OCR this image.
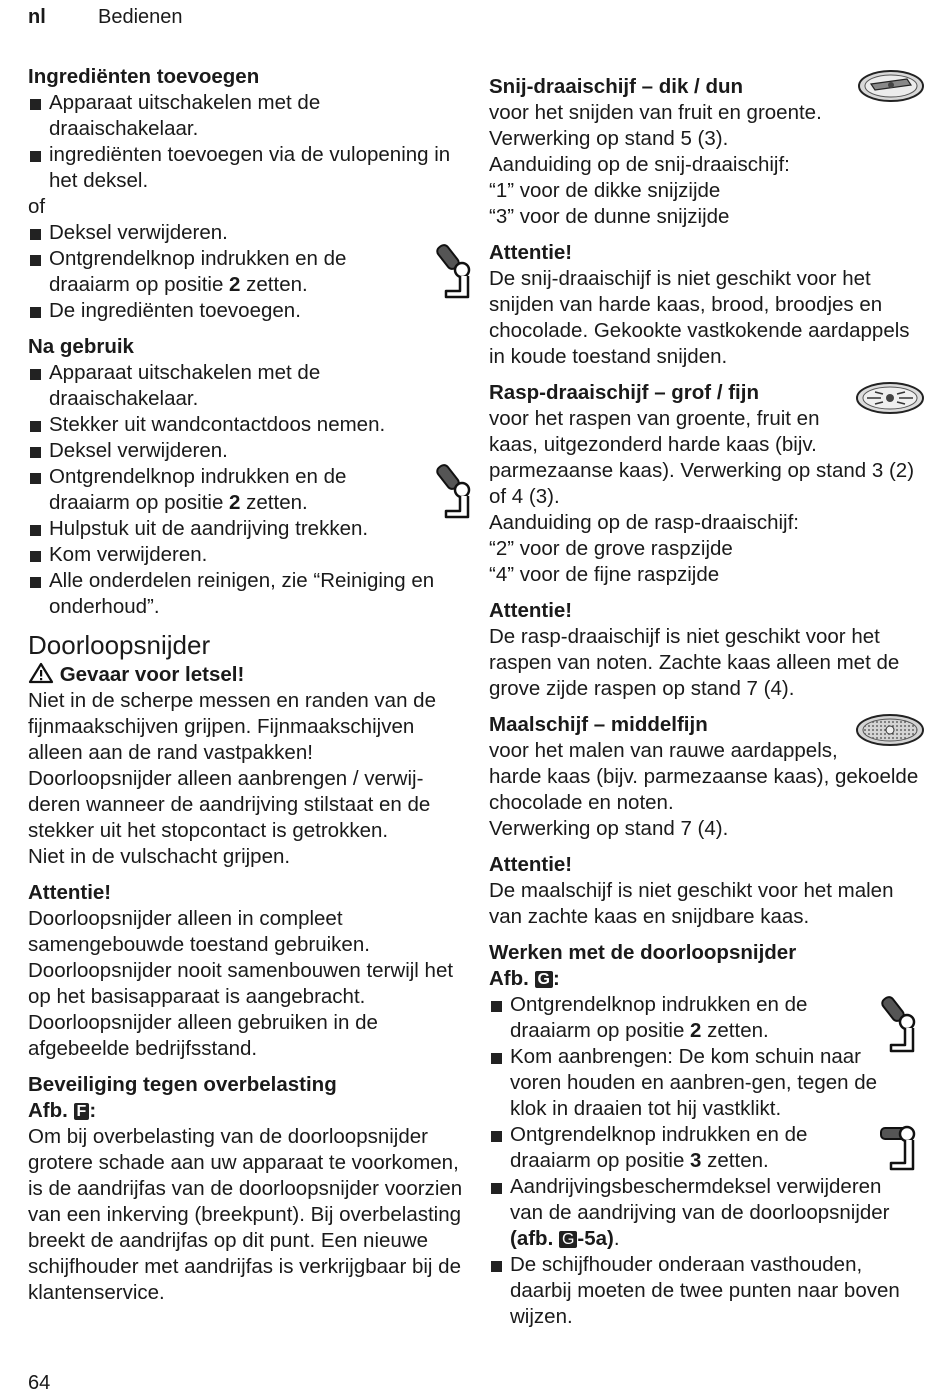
nl	Bedienen
Ingrediënten toevoegen
Apparaat uitschakelen met de draaischakelaar.
ingrediënten toevoegen via de vulopening in het deksel.

of

Deksel verwijderen.
Ontgrendelknop indrukken en de draaiarm op positie 2 zetten.
De ingrediënten toevoegen.
Na gebruik
Apparaat uitschakelen met de draaischakelaar.
Stekker uit wandcontactdoos nemen.
Deksel verwijderen.
Ontgrendelknop indrukken en de draaiarm op positie 2 zetten.
Hulpstuk uit de aandrijving trekken.
Kom verwijderen.
Alle onderdelen reinigen, zie “Reiniging en onderhoud”.
Doorloopsnijder
Gevaar voor letsel!

Niet in de scherpe messen en randen van de fijnmaakschijven grijpen. Fijnmaakschijven alleen aan de rand vastpakken!

Doorloopsnijder alleen aanbrengen / verwij-deren wanneer de aandrijving stilstaat en de stekker uit het stopcontact is getrokken.

Niet in de vulschacht grijpen.

Attentie!

Doorloopsnijder alleen in compleet samengebouwde toestand gebruiken. Doorloopsnijder nooit samenbouwen terwijl het op het basisapparaat is aangebracht. Doorloopsnijder alleen gebruiken in de afgebeelde bedrijfsstand.

Beveiliging tegen overbelasting
Afb. F :

Om bij overbelasting van de doorloopsnijder grotere schade aan uw apparaat te voorkomen, is de aandrijfas van de doorloopsnijder voorzien van een inkerving (breekpunt). Bij overbelasting breekt de aandrijfas op dit punt. Een nieuwe schijfhouder met aandrijfas is verkrijgbaar bij de klantenservice.

Snij-draaischijf – dik / dun

voor het snijden van fruit en groente.

Verwerking op stand 5 (3).

Aanduiding op de snij-draaischijf:

“1” voor de dikke snijzijde

“3” voor de dunne snijzijde

Attentie!

De snij-draaischijf is niet geschikt voor het snijden van harde kaas, brood, broodjes en chocolade. Gekookte vastkokende aardappels in koude toestand snijden.

Rasp-draaischijf – grof / fijn

voor het raspen van groente, fruit en kaas, uitgezonderd harde kaas (bijv. parmezaanse kaas). Verwerking op stand 3 (2) of 4 (3).

Aanduiding op de rasp-draaischijf:

“2” voor de grove raspzijde

“4” voor de fijne raspzijde

Attentie!

De rasp-draaischijf is niet geschikt voor het raspen van noten. Zachte kaas alleen met de grove zijde raspen op stand 7 (4).

Maalschijf – middelfijn

voor het malen van rauwe aardappels, harde kaas (bijv. parmezaanse kaas), gekoelde chocolade en noten.

Verwerking op stand 7 (4).

Attentie!

De maalschijf is niet geschikt voor het malen van zachte kaas en snijdbare kaas.

Werken met de doorloopsnijder
Afb. G :
Ontgrendelknop indrukken en de draaiarm op positie 2 zetten.
Kom aanbrengen: De kom schuin naar voren houden en aanbren-gen, tegen de klok in draaien tot hij vastklikt.
Ontgrendelknop indrukken en de draaiarm op positie 3 zetten.
Aandrijvingsbeschermdeksel verwijderen van de aandrijving van de doorloopsnijder (afb. G -5a).
De schijfhouder onderaan vasthouden, daarbij moeten de twee punten naar boven wijzen.
64
